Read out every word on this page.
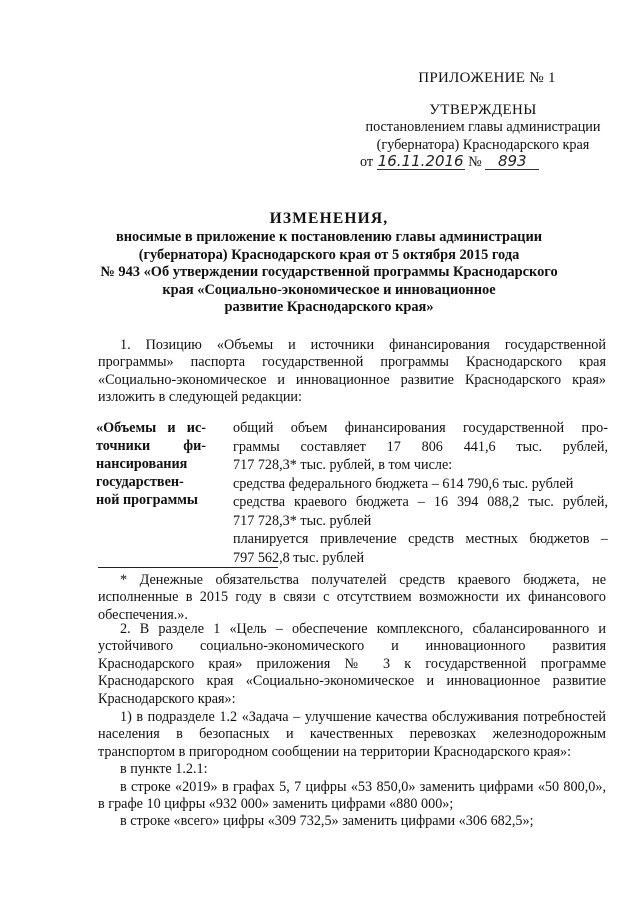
ПРИЛОЖЕНИЕ № 1
УТВЕРЖДЕНЫ
постановлением главы администрации
(губернатора) Краснодарского края
от 16.11.2016 № 893
ИЗМЕНЕНИЯ,
вносимые в приложение к постановлению главы администрации
(губернатора) Краснодарского края от 5 октября 2015 года
№ 943 «Об утверждении государственной программы Краснодарского
края «Социально-экономическое и инновационное
развитие Краснодарского края»
1. Позицию «Объемы и источники финансирования государственной программы» паспорта государственной программы Краснодарского края «Социально-экономическое и инновационное развитие Краснодарского края» изложить в следующей редакции:
«Объемы и ис-
точники фи-
нансирования
государствен-
ной программы
общий объем финансирования государственной про-
граммы составляет 17 806 441,6 тыс. рублей,
717 728,3* тыс. рублей, в том числе:
средства федерального бюджета – 614 790,6 тыс. рублей
средства краевого бюджета – 16 394 088,2 тыс. рублей,
717 728,3* тыс. рублей
планируется привлечение средств местных бюджетов –
797 562,8 тыс. рублей
* Денежные обязательства получателей средств краевого бюджета, не исполненные в 2015 году в связи с отсутствием возможности их финансового обеспечения.».
2. В разделе 1 «Цель – обеспечение комплексного, сбалансированного и устойчивого социально-экономического и инновационного развития Краснодарского края» приложения № 3 к государственной программе Краснодарского края «Социально-экономическое и инновационное развитие Краснодарского края»:
1) в подразделе 1.2 «Задача – улучшение качества обслуживания потребностей населения в безопасных и качественных перевозках железнодорожным транспортом в пригородном сообщении на территории Краснодарского края»:
в пункте 1.2.1:
в строке «2019» в графах 5, 7 цифры «53 850,0» заменить цифрами «50 800,0», в графе 10 цифры «932 000» заменить цифрами «880 000»;
в строке «всего» цифры «309 732,5» заменить цифрами «306 682,5»;
